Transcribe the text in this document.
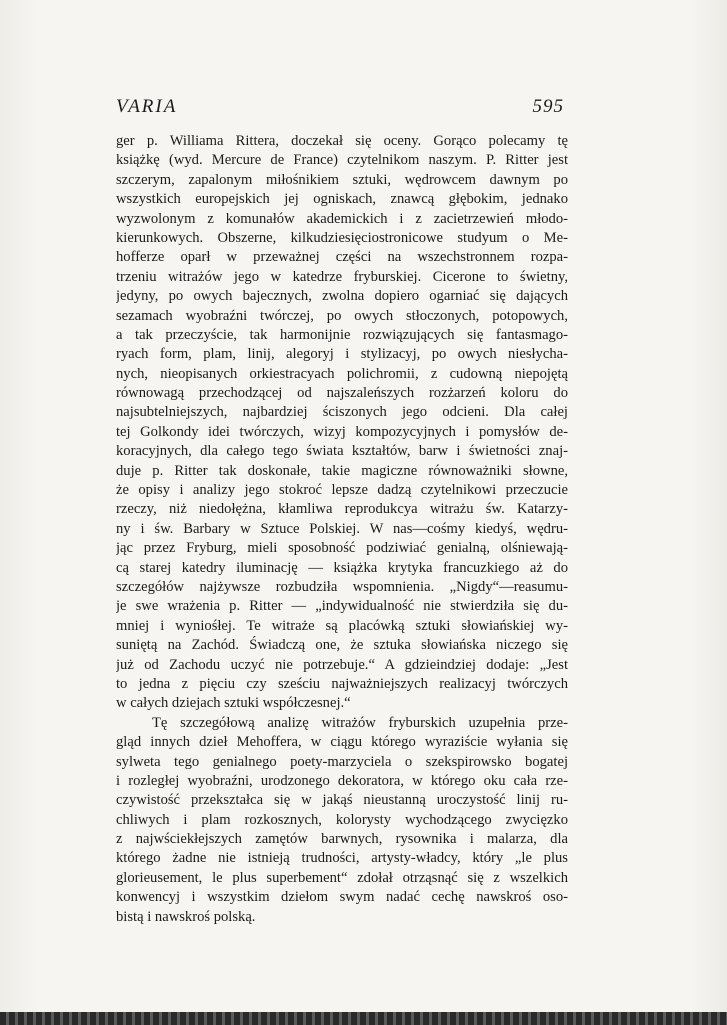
VARIA	595
ger p. Williama Rittera, doczekał się oceny. Gorąco polecamy tę
książkę (wyd. Mercure de France) czytelnikom naszym. P. Ritter jest
szczerym, zapalonym miłośnikiem sztuki, wędrowcem dawnym po
wszystkich europejskich jej ogniskach, znawcą głębokim, jednako
wyzwolonym z komunałów akademickich i z zacietrzewień młodo-
kierunkowych. Obszerne, kilkudziesięciostronicowe studyum o Me-
hofferze oparł w przeważnej części na wszechstronnem rozpa-
trzeniu witrażów jego w katedrze fryburskiej. Cicerone to świetny,
jedyny, po owych bajecznych, zwolna dopiero ogarniać się dających
sezamach wyobraźni twórczej, po owych stłoczonych, potopowych,
a tak przeczyście, tak harmonijnie rozwiązujących się fantasmago-
ryach form, plam, linij, alegoryj i stylizacyj, po owych niesłycha-
nych, nieopisanych orkiestracyach polichromii, z cudowną niepojętą
równowagą przechodzącej od najszaleńszych rozżarzeń koloru do
najsubtelniejszych, najbardziej ściszonych jego odcieni. Dla całej
tej Golkondy idei twórczych, wizyj kompozycyjnych i pomysłów de-
koracyjnych, dla całego tego świata kształtów, barw i świetności znaj-
duje p. Ritter tak doskonałe, takie magiczne równoważniki słowne,
że opisy i analizy jego stokroć lepsze dadzą czytelnikowi przeczucie
rzeczy, niż niedołężna, kłamliwa reprodukcya witrażu św. Katarzy-
ny i św. Barbary w Sztuce Polskiej. W nas—cośmy kiedyś, wędru-
jąc przez Fryburg, mieli sposobność podziwiać genialną, olśniewają-
cą starej katedry iluminację — książka krytyka francuzkiego aż do
szczegółów najżywsze rozbudziła wspomnienia. „Nigdy“—reasumu-
je swe wrażenia p. Ritter — „indywidualność nie stwierdziła się du-
mniej i wyniośłej. Te witraże są placówką sztuki słowiańskiej wy-
suniętą na Zachód. Świadczą one, że sztuka słowiańska niczego się
już od Zachodu uczyć nie potrzebuje.“ A gdzieindziej dodaje: „Jest
to jedna z pięciu czy sześciu najważniejszych realizacyj twórczych
w całych dziejach sztuki współczesnej.“
Tę szczegółową analizę witrażów fryburskich uzupełnia prze-
gląd innych dzieł Mehoffera, w ciągu którego wyraziście wyłania się
sylweta tego genialnego poety-marzyciela o szekspirowsko bogatej
i rozległej wyobraźni, urodzonego dekoratora, w którego oku cała rze-
czywistość przekształca się w jakąś nieustanną uroczystość linij ru-
chliwych i plam rozkosznych, kolorysty wychodzącego zwycięzko
z najwściekłejszych zamętów barwnych, rysownika i malarza, dla
którego żadne nie istnieją trudności, artysty-władcy, który „le plus
glorieusement, le plus superbement“ zdołał otrząsnąć się z wszelkich
konwencyj i wszystkim dziełom swym nadać cechę nawskroś oso-
bistą i nawskroś polską.
